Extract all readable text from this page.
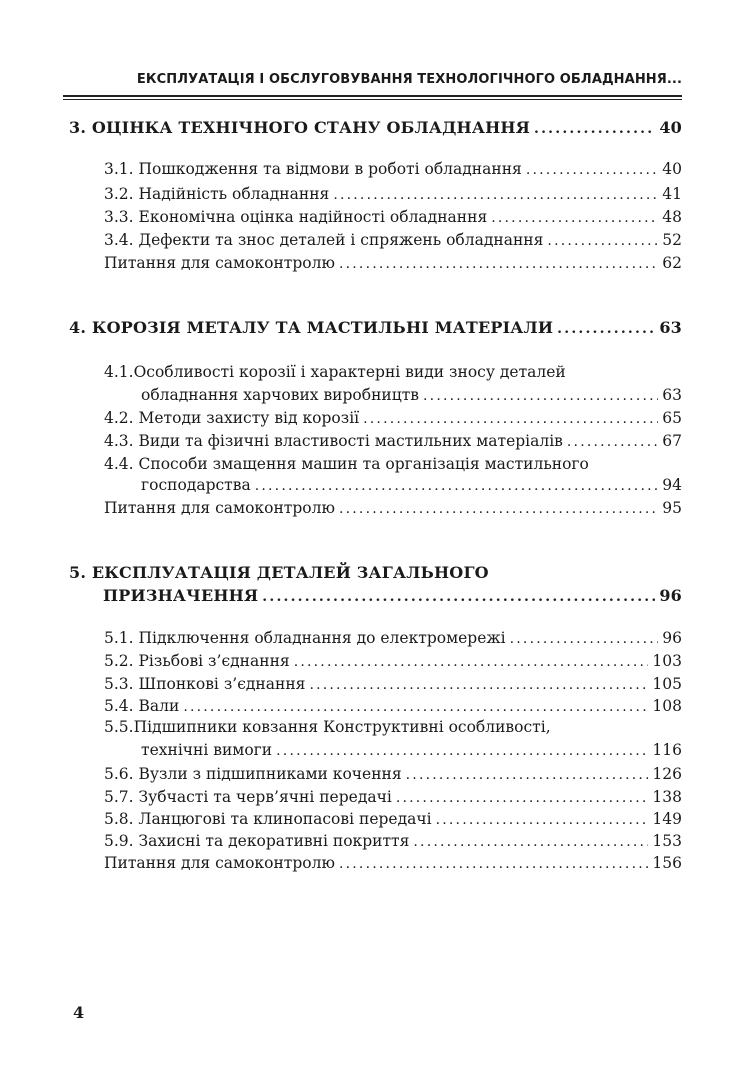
ЕКСПЛУАТАЦІЯ І ОБСЛУГОВУВАННЯ ТЕХНОЛОГІЧНОГО ОБЛАДНАННЯ...
3. ОЦІНКА ТЕХНІЧНОГО СТАНУ ОБЛАДНАННЯ .....	40
3.1. Пошкодження та відмови в роботі обладнання .....	40
3.2. Надійність обладнання .....	41
3.3. Економічна оцінка надійності обладнання .....	48
3.4. Дефекти та знос деталей і спряжень обладнання .....	52
Питання для самоконтролю .....	62
4. КОРОЗІЯ МЕТАЛУ ТА МАСТИЛЬНІ МАТЕРІАЛИ .....	63
4.1.Особливості корозії і характерні види зносу деталей
обладнання харчових виробництв .....	63
4.2. Методи захисту від корозії .....	65
4.3. Види та фізичні властивості мастильних матеріалів .....	67
4.4. Способи змащення машин та організація мастильного
господарства .....	94
Питання для самоконтролю .....	95
5. ЕКСПЛУАТАЦІЯ ДЕТАЛЕЙ ЗАГАЛЬНОГО
ПРИЗНАЧЕННЯ .....	96
5.1. Підключення обладнання до електромережі .....	96
5.2. Різьбові з’єднання .....	103
5.3. Шпонкові з’єднання .....	105
5.4. Вали .....	108
5.5.Підшипники ковзання Конструктивні особливості,
технічні вимоги .....	116
5.6. Вузли з підшипниками кочення .....	126
5.7. Зубчасті та черв’ячні передачі .....	138
5.8. Ланцюгові та клинопасові передачі .....	149
5.9. Захисні та декоративні покриття .....	153
Питання для самоконтролю .....	156
4
